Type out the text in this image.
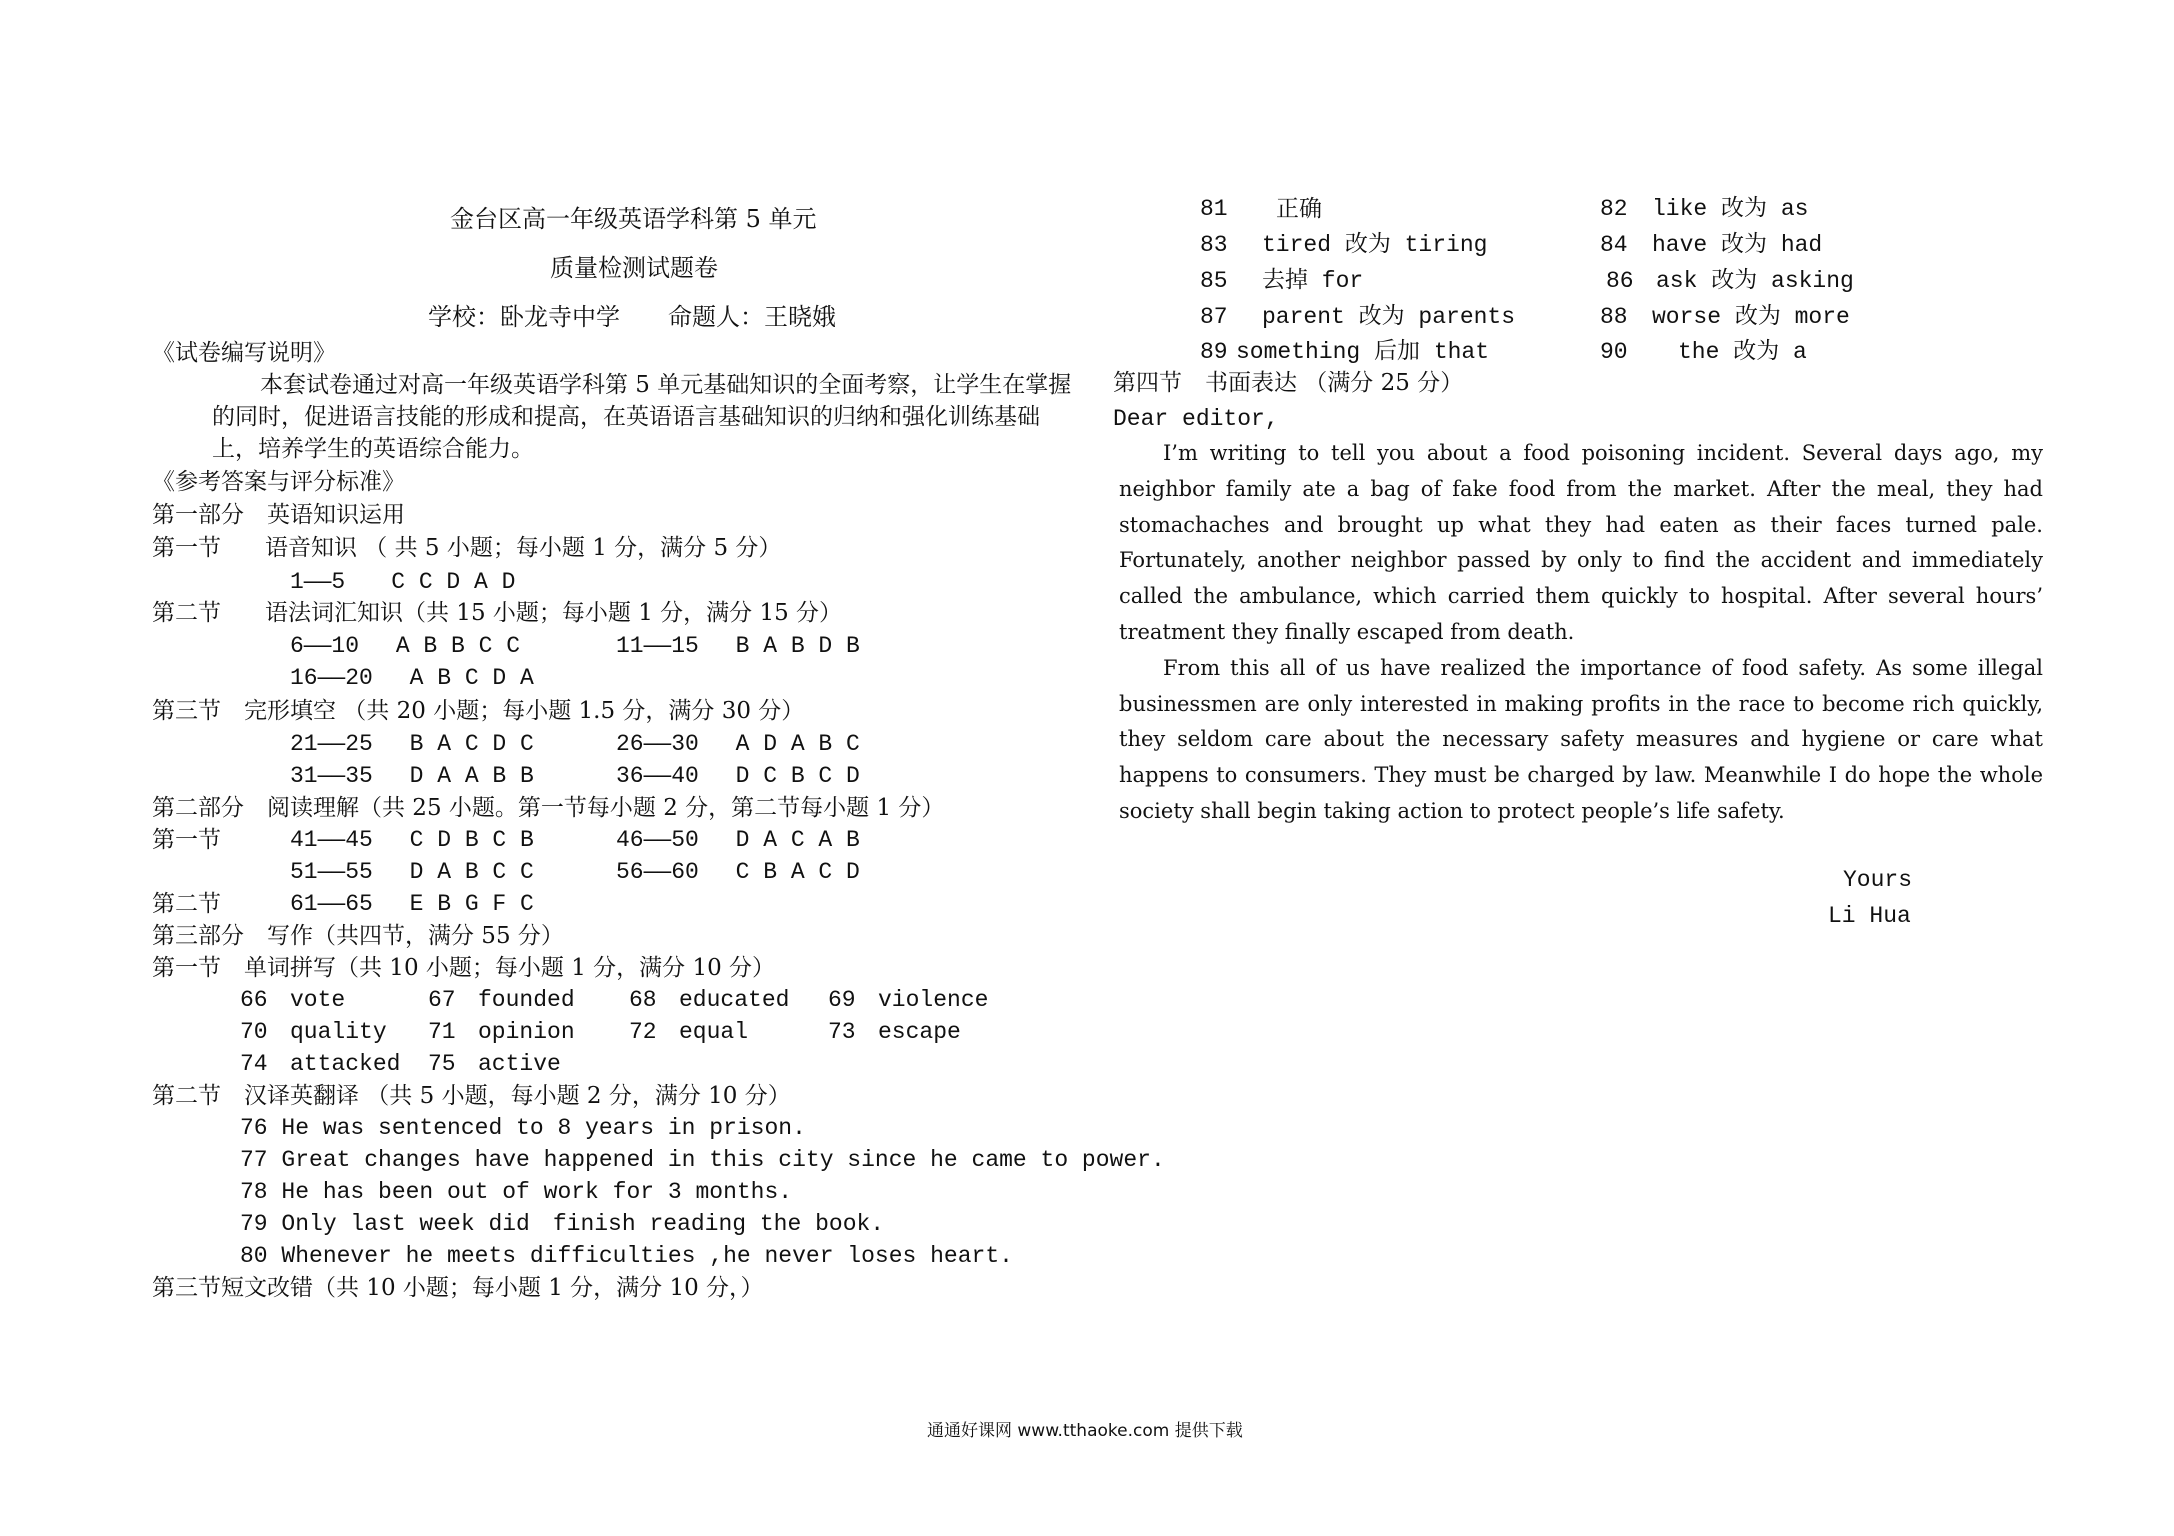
金台区高一年级英语学科第 5 单元
质量检测试题卷
学校：卧龙寺中学　　命题人：王晓娥
《试卷编写说明》
本套试卷通过对高一年级英语学科第 5 单元基础知识的全面考察，让学生在掌握的同时，促进语言技能的形成和提高，在英语语言基础知识的归纳和强化训练基础上，培养学生的英语综合能力。
《参考答案与评分标准》
第一部分　英语知识运用
第一节 语音知识 （ 共 5 小题；每小题 1 分，满分 5 分）
1——5　　C C D A D
第二节 语法词汇知识（共 15 小题；每小题 1 分，满分 15 分）
6——10　 A B B C C	11——15　 B A B D B
16——20　 A B C D A
第三节　完形填空 （共 20 小题；每小题 1.5 分，满分 30 分）
21——25　 B A C D C	26——30　 A D A B C
31——35　 D A A B B	36——40　 D C B C D
第二部分　阅读理解（共 25 小题。第一节每小题 2 分，第二节每小题 1 分）
第一节	41——45　 C D B C B	46——50　 D A C A B
51——55　 D A B C C	56——60　 C B A C D
第二节	61——65　 E B G F C
第三部分　写作（共四节，满分 55 分）
第一节　单词拼写（共 10 小题；每小题 1 分，满分 10 分）
66 vote	67 founded 68 educated 69 violence
70 quality 71 opinion 72 equal	73 escape
74 attacked 75 active
第二节　汉译英翻译 （共 5 小题，每小题 2 分，满分 10 分）
76 He was sentenced to 8 years in prison.
77 Great changes have happened in this city since he came to power.
78 He has been out of work for 3 months.
79 Only last week did　finish reading the book.
80 Whenever he meets difficulties ,he never loses heart.
第三节短文改错（共 10 小题；每小题 1 分，满分 10 分，）
81 正确	82 like 改为 as
83 tired 改为 tiring	84 have 改为 had
85 去掉 for	86 ask 改为 asking
87 parent 改为 parents	88 worse 改为 more
89 something 后加 that	90 the 改为 a
第四节　书面表达 （满分 25 分）
Dear editor,

I’m writing to tell you about a food poisoning incident. Several days ago, my neighbor family ate a bag of fake food from the market. After the meal, they had stomachaches and brought up what they had eaten as their faces turned pale. Fortunately, another neighbor passed by only to find the accident and immediately called the ambulance, which carried them quickly to hospital. After several hours’ treatment they finally escaped from death.

From this all of us have realized the importance of food safety. As some illegal businessmen are only interested in making profits in the race to become rich quickly, they seldom care about the necessary safety measures and hygiene or care what happens to consumers. They must be charged by law. Meanwhile I do hope the whole society shall begin taking action to protect people’s life safety.

Yours
Li Hua
通通好课网 www.tthaoke.com 提供下载
